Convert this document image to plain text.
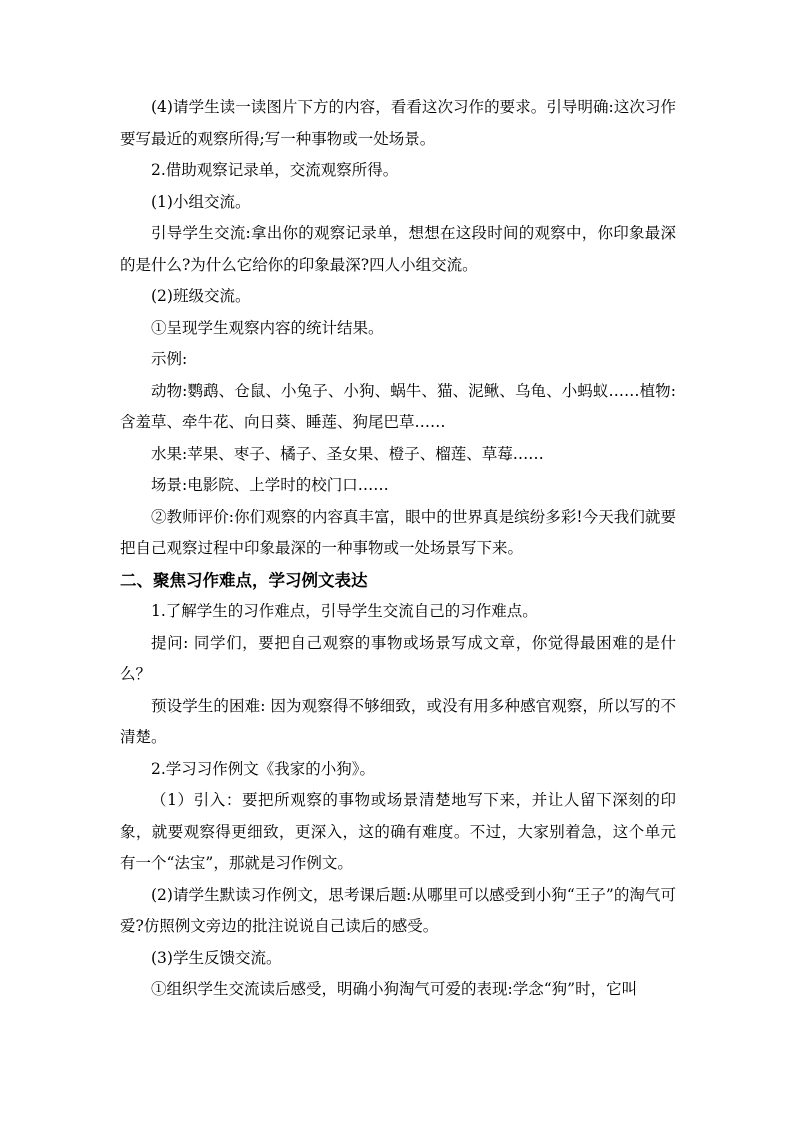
(4)请学生读一读图片下方的内容，看看这次习作的要求。引导明确:这次习作要写最近的观察所得;写一种事物或一处场景。

2.借助观察记录单，交流观察所得。

(1)小组交流。

引导学生交流:拿出你的观察记录单，想想在这段时间的观察中，你印象最深的是什么?为什么它给你的印象最深?四人小组交流。

(2)班级交流。

①呈现学生观察内容的统计结果。

示例:

动物:鹦鹉、仓鼠、小兔子、小狗、蜗牛、猫、泥鳅、乌龟、小蚂蚁……植物:含羞草、牵牛花、向日葵、睡莲、狗尾巴草……

水果:苹果、枣子、橘子、圣女果、橙子、榴莲、草莓……

场景:电影院、上学时的校门口……

②教师评价:你们观察的内容真丰富，眼中的世界真是缤纷多彩!今天我们就要把自己观察过程中印象最深的一种事物或一处场景写下来。

二、聚焦习作难点，学习例文表达

1.了解学生的习作难点，引导学生交流自己的习作难点。

提问: 同学们，要把自己观察的事物或场景写成文章，你觉得最困难的是什么？

预设学生的困难: 因为观察得不够细致，或没有用多种感官观察，所以写的不清楚。

2.学习习作例文《我家的小狗》。

（1）引入：要把所观察的事物或场景清楚地写下来，并让人留下深刻的印象，就要观察得更细致，更深入，这的确有难度。不过，大家别着急，这个单元有一个“法宝”，那就是习作例文。

(2)请学生默读习作例文，思考课后题:从哪里可以感受到小狗“王子”的淘气可爱?仿照例文旁边的批注说说自己读后的感受。

(3)学生反馈交流。

①组织学生交流读后感受，明确小狗淘气可爱的表现:学念“狗”时，它叫
